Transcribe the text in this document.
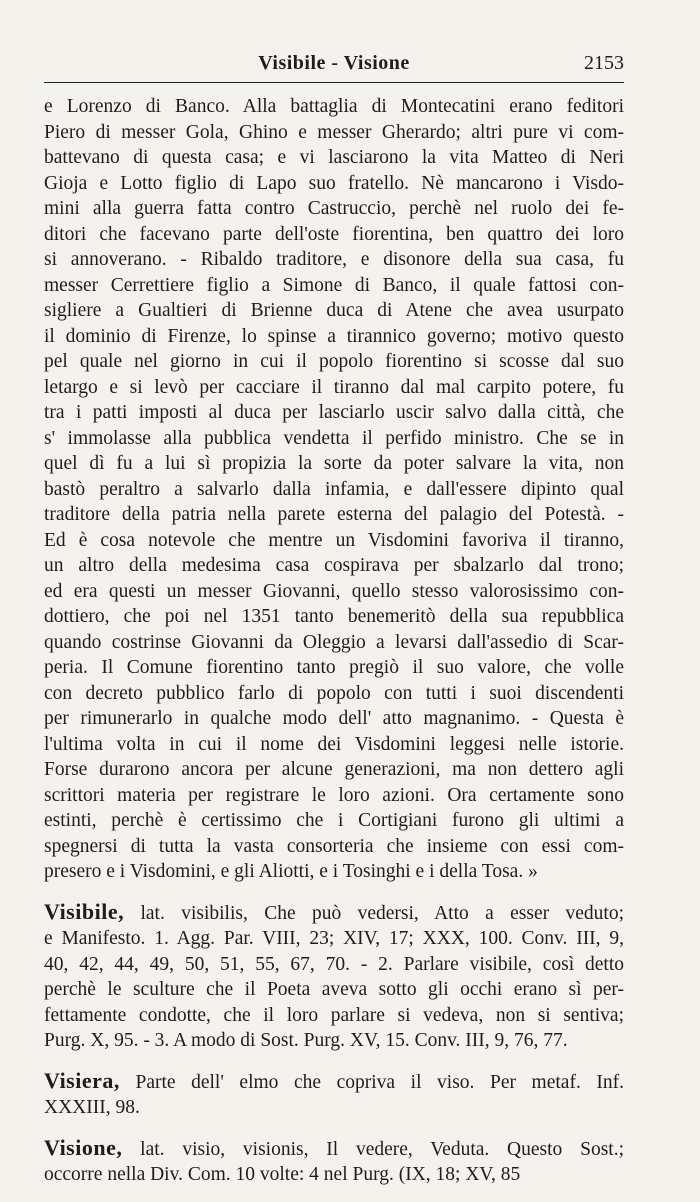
Visibile - Visione	2153
e Lorenzo di Banco. Alla battaglia di Montecatini erano feditori
Piero di messer Gola, Ghino e messer Gherardo; altri pure vi com-
battevano di questa casa; e vi lasciarono la vita Matteo di Neri
Gioja e Lotto figlio di Lapo suo fratello. Nè mancarono i Visdo-
mini alla guerra fatta contro Castruccio, perchè nel ruolo dei fe-
ditori che facevano parte dell'oste fiorentina, ben quattro dei loro
si annoverano. - Ribaldo traditore, e disonore della sua casa, fu
messer Cerrettiere figlio a Simone di Banco, il quale fattosi con-
sigliere a Gualtieri di Brienne duca di Atene che avea usurpato
il dominio di Firenze, lo spinse a tirannico governo; motivo questo
pel quale nel giorno in cui il popolo fiorentino si scosse dal suo
letargo e si levò per cacciare il tiranno dal mal carpito potere, fu
tra i patti imposti al duca per lasciarlo uscir salvo dalla città, che
s' immolasse alla pubblica vendetta il perfido ministro. Che se in
quel dì fu a lui sì propizia la sorte da poter salvare la vita, non
bastò peraltro a salvarlo dalla infamia, e dall'essere dipinto qual
traditore della patria nella parete esterna del palagio del Potestà. -
Ed è cosa notevole che mentre un Visdomini favoriva il tiranno,
un altro della medesima casa cospirava per sbalzarlo dal trono;
ed era questi un messer Giovanni, quello stesso valorosissimo con-
dottiero, che poi nel 1351 tanto benemeritò della sua repubblica
quando costrinse Giovanni da Oleggio a levarsi dall'assedio di Scar-
peria. Il Comune fiorentino tanto pregiò il suo valore, che volle
con decreto pubblico farlo di popolo con tutti i suoi discendenti
per rimunerarlo in qualche modo dell' atto magnanimo. - Questa è
l'ultima volta in cui il nome dei Visdomini leggesi nelle istorie.
Forse durarono ancora per alcune generazioni, ma non dettero agli
scrittori materia per registrare le loro azioni. Ora certamente sono
estinti, perchè è certissimo che i Cortigiani furono gli ultimi a
spegnersi di tutta la vasta consorteria che insieme con essi com-
presero e i Visdomini, e gli Aliotti, e i Tosinghi e i della Tosa. »
Visibile, lat. visibilis, Che può vedersi, Atto a esser veduto;
e Manifesto. 1. Agg. Par. VIII, 23; XIV, 17; XXX, 100. Conv. III, 9,
40, 42, 44, 49, 50, 51, 55, 67, 70. - 2. Parlare visibile, così detto
perchè le sculture che il Poeta aveva sotto gli occhi erano sì per-
fettamente condotte, che il loro parlare si vedeva, non si sentiva;
Purg. X, 95. - 3. A modo di Sost. Purg. XV, 15. Conv. III, 9, 76, 77.
Visiera, Parte dell' elmo che copriva il viso. Per metaf. Inf.
XXXIII, 98.
Visione, lat. visio, visionis, Il vedere, Veduta. Questo Sost.;
occorre nella Div. Com. 10 volte: 4 nel Purg. (IX, 18; XV, 85
